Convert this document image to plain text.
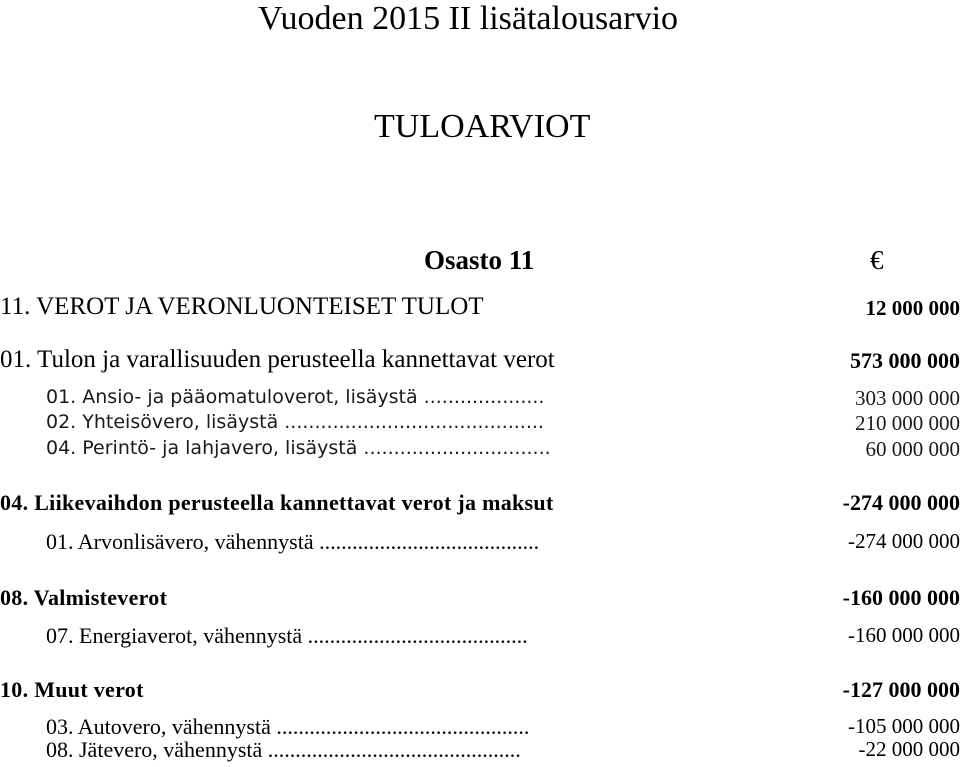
Vuoden 2015 II lisätalousarvio
TULOARVIOT
Osasto 11	€
11. VEROT JA VERONLUONTEISET TULOT	12 000 000
01. Tulon ja varallisuuden perusteella kannettavat verot	573 000 000
01. Ansio- ja pääomatuloverot, lisäystä ....................	303 000 000
02. Yhteisövero, lisäystä ...........................................	210 000 000
04. Perintö- ja lahjavero, lisäystä ...............................	60 000 000
04. Liikevaihdon perusteella kannettavat verot ja maksut	-274 000 000
01. Arvonlisävero, vähennystä ........................................	-274 000 000
08. Valmisteverot	-160 000 000
07. Energiaverot, vähennystä ........................................	-160 000 000
10. Muut verot	-127 000 000
03. Autovero, vähennystä ..............................................	-105 000 000
08. Jätevero, vähennystä ..............................................	-22 000 000
